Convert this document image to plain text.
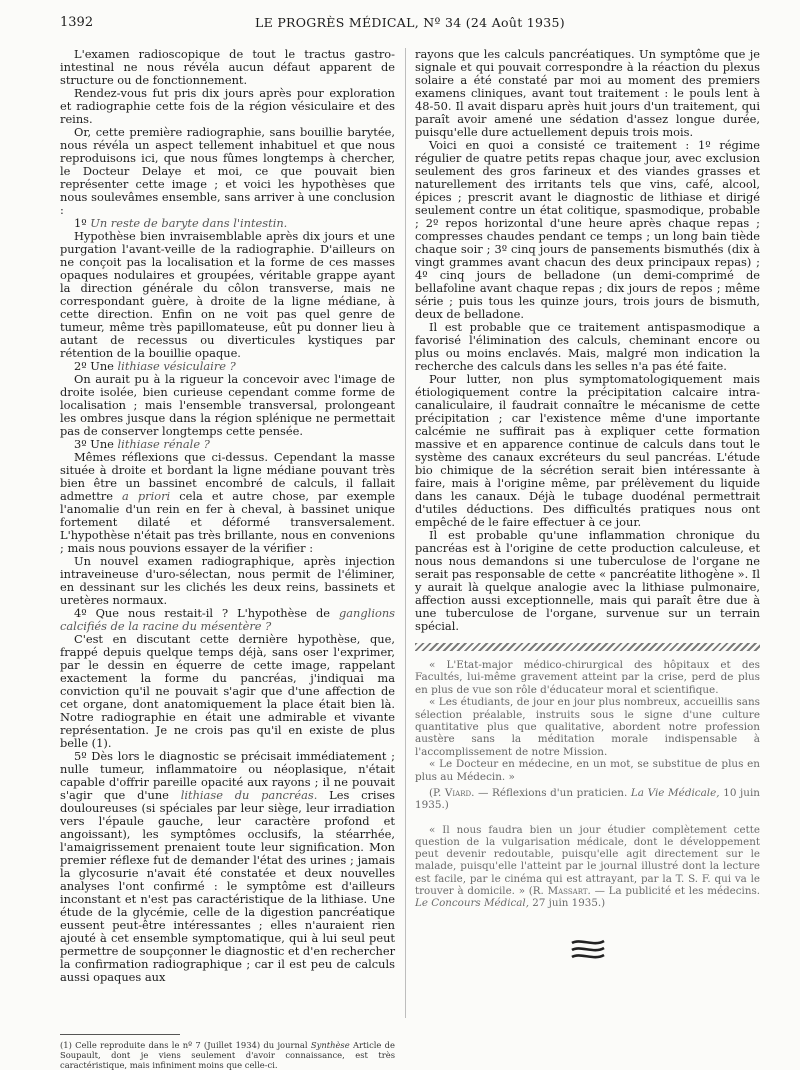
1392	LE PROGRÈS MÉDICAL, Nº 34 (24 Août 1935)

L'examen radioscopique de tout le tractus gastro-intestinal ne nous révéla aucun défaut apparent de structure ou de fonctionnement.

Rendez-vous fut pris dix jours après pour exploration et radiographie cette fois de la région vésiculaire et des reins.

Or, cette première radiographie, sans bouillie barytée, nous révéla un aspect tellement inhabituel et que nous reproduisons ici, que nous fûmes longtemps à chercher, le Docteur Delaye et moi, ce que pouvait bien représenter cette image ; et voici les hypothèses que nous soulevâmes ensemble, sans arriver à une conclusion :

1º Un reste de baryte dans l'intestin.

Hypothèse bien invraisemblable après dix jours et une purgation l'avant-veille de la radiographie. D'ailleurs on ne conçoit pas la localisation et la forme de ces masses opaques nodulaires et groupées, véritable grappe ayant la direction générale du côlon transverse, mais ne correspondant guère, à droite de la ligne médiane, à cette direction. Enfin on ne voit pas quel genre de tumeur, même très papillomateuse, eût pu donner lieu à autant de recessus ou diverticules kystiques par rétention de la bouillie opaque.

2º Une lithiase vésiculaire ?

On aurait pu à la rigueur la concevoir avec l'image de droite isolée, bien curieuse cependant comme forme de localisation ; mais l'ensemble transversal, prolongeant les ombres jusque dans la région splénique ne permettait pas de conserver longtemps cette pensée.

3º Une lithiase rénale ?

Mêmes réflexions que ci-dessus. Cependant la masse située à droite et bordant la ligne médiane pouvant très bien être un bassinet encombré de calculs, il fallait admettre a priori cela et autre chose, par exemple l'anomalie d'un rein en fer à cheval, à bassinet unique fortement dilaté et déformé transversalement. L'hypothèse n'était pas très brillante, nous en convenions ; mais nous pouvions essayer de la vérifier :

Un nouvel examen radiographique, après injection intraveineuse d'uro-sélectan, nous permit de l'éliminer, en dessinant sur les clichés les deux reins, bassinets et uretères normaux.

4º Que nous restait-il ? L'hypothèse de ganglions calcifiés de la racine du mésentère ?

C'est en discutant cette dernière hypothèse, que, frappé depuis quelque temps déjà, sans oser l'exprimer, par le dessin en équerre de cette image, rappelant exactement la forme du pancréas, j'indiquai ma conviction qu'il ne pouvait s'agir que d'une affection de cet organe, dont anatomiquement la place était bien là. Notre radiographie en était une admirable et vivante représentation. Je ne crois pas qu'il en existe de plus belle (1).

5º Dès lors le diagnostic se précisait immédiatement ; nulle tumeur, inflammatoire ou néoplasique, n'était capable d'offrir pareille opacité aux rayons ; il ne pouvait s'agir que d'une lithiase du pancréas. Les crises douloureuses (si spéciales par leur siège, leur irradiation vers l'épaule gauche, leur caractère profond et angoissant), les symptômes occlusifs, la stéarrhée, l'amaigrissement prenaient toute leur signification. Mon premier réflexe fut de demander l'état des urines ; jamais la glycosurie n'avait été constatée et deux nouvelles analyses l'ont confirmé : le symptôme est d'ailleurs inconstant et n'est pas caractéristique de la lithiase. Une étude de la glycémie, celle de la digestion pancréatique eussent peut-être intéressantes ; elles n'auraient rien ajouté à cet ensemble symptomatique, qui à lui seul peut permettre de soupçonner le diagnostic et d'en rechercher la confirmation radiographique ; car il est peu de calculs aussi opaques aux

rayons que les calculs pancréatiques. Un symptôme que je signale et qui pouvait correspondre à la réaction du plexus solaire a été constaté par moi au moment des premiers examens cliniques, avant tout traitement : le pouls lent à 48-50. Il avait disparu après huit jours d'un traitement, qui paraît avoir amené une sédation d'assez longue durée, puisqu'elle dure actuellement depuis trois mois.

Voici en quoi a consisté ce traitement : 1º régime régulier de quatre petits repas chaque jour, avec exclusion seulement des gros farineux et des viandes grasses et naturellement des irritants tels que vins, café, alcool, épices ; prescrit avant le diagnostic de lithiase et dirigé seulement contre un état colitique, spasmodique, probable ; 2º repos horizontal d'une heure après chaque repas ; compresses chaudes pendant ce temps ; un long bain tiède chaque soir ; 3º cinq jours de pansements bismuthés (dix à vingt grammes avant chacun des deux principaux repas) ; 4º cinq jours de belladone (un demi-comprimé de bellafoline avant chaque repas ; dix jours de repos ; même série ; puis tous les quinze jours, trois jours de bismuth, deux de belladone.

Il est probable que ce traitement antispasmodique a favorisé l'élimination des calculs, cheminant encore ou plus ou moins enclavés. Mais, malgré mon indication la recherche des calculs dans les selles n'a pas été faite.

Pour lutter, non plus symptomatologiquement mais étiologiquement contre la précipitation calcaire intra-canaliculaire, il faudrait connaître le mécanisme de cette précipitation ; car l'existence même d'une importante calcémie ne suffirait pas à expliquer cette formation massive et en apparence continue de calculs dans tout le système des canaux excréteurs du seul pancréas. L'étude bio chimique de la sécrétion serait bien intéressante à faire, mais à l'origine même, par prélèvement du liquide dans les canaux. Déjà le tubage duodénal permettrait d'utiles déductions. Des difficultés pratiques nous ont empêché de le faire effectuer à ce jour.

Il est probable qu'une inflammation chronique du pancréas est à l'origine de cette production calculeuse, et nous nous demandons si une tuberculose de l'organe ne serait pas responsable de cette « pancréatite lithogène ». Il y aurait là quelque analogie avec la lithiase pulmonaire, affection aussi exceptionnelle, mais qui paraît être due à une tuberculose de l'organe, survenue sur un terrain spécial.

« L'Etat-major médico-chirurgical des hôpitaux et des Facultés, lui-même gravement atteint par la crise, perd de plus en plus de vue son rôle d'éducateur moral et scientifique.

« Les étudiants, de jour en jour plus nombreux, accueillis sans sélection préalable, instruits sous le signe d'une culture quantitative plus que qualitative, abordent notre profession austère sans la méditation morale indispensable à l'accomplissement de notre Mission.

« Le Docteur en médecine, en un mot, se substitue de plus en plus au Médecin. »

(P. Viard. — Réflexions d'un praticien. La Vie Médicale, 10 juin 1935.)

« Il nous faudra bien un jour étudier complètement cette question de la vulgarisation médicale, dont le développement peut devenir redoutable, puisqu'elle agit directement sur le malade, puisqu'elle l'atteint par le journal illustré dont la lecture est facile, par le cinéma qui est attrayant, par la T. S. F. qui va le trouver à domicile. » (R. Massart. — La publicité et les médecins. Le Concours Médical, 27 juin 1935.)

(1) Celle reproduite dans le nº 7 (Juillet 1934) du journal Synthèse Article de Soupault, dont je viens seulement d'avoir connaissance, est très caractéristique, mais infiniment moins que celle-ci.
